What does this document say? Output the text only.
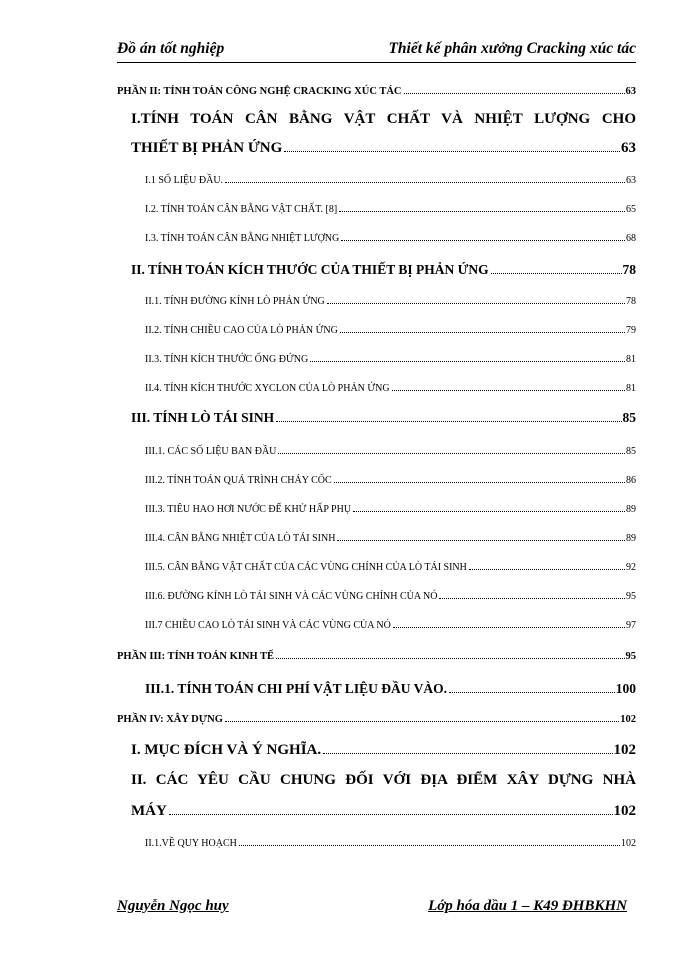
Đồ án tốt nghiệp	Thiết kế phân xưởng Cracking xúc tác
PHẦN II: TÍNH TOÁN CÔNG NGHỆ CRACKING XÚC TÁC	63
I.TÍNH TOÁN CÂN BẰNG VẬT CHẤT VÀ NHIỆT LƯỢNG CHO
THIẾT BỊ PHẢN ỨNG	63
I.1 SỐ LIỆU ĐẦU.	63
I.2. TÍNH TOÁN CÂN BẰNG VẬT CHẤT. [8]	65
I.3. TÍNH TOÁN CÂN BẰNG NHIỆT LƯỢNG	68
II. TÍNH TOÁN KÍCH THƯỚC CỦA THIẾT BỊ PHẢN ỨNG	78
II.1. TÍNH ĐƯỜNG KÍNH LÒ PHẢN ỨNG	78
II.2. TÍNH CHIỀU CAO CỦA LÒ PHẢN ỨNG	79
II.3. TÍNH KÍCH THƯỚC ỐNG ĐỨNG	81
II.4. TÍNH KÍCH THƯỚC XYCLON CỦA LÒ PHẢN ỨNG	81
III. TÍNH LÒ TÁI SINH	85
III.1. CÁC SỐ LIỆU BAN ĐẦU	85
III.2. TÍNH TOÁN QUÁ TRÌNH CHÁY CỐC	86
III.3. TIÊU HAO HƠI NƯỚC ĐỂ KHỬ HẤP PHỤ	89
III.4. CÂN BẰNG NHIỆT CỦA LÒ TÁI SINH	89
III.5. CÂN BẰNG VẬT CHẤT CỦA CÁC VÙNG CHÍNH CỦA LÒ TÁI SINH	92
III.6. ĐƯỜNG KÍNH LÒ TÁI SINH VÀ CÁC VÙNG CHÍNH CỦA NÓ	95
III.7 CHIỀU CAO LÒ TÁI SINH VÀ CÁC VÙNG CỦA NÓ	97
PHẦN III: TÍNH TOÁN KINH TẾ	95
III.1. TÍNH TOÁN CHI PHÍ VẬT LIỆU ĐẦU VÀO.	100
PHẦN IV: XÂY DỰNG	102
I. MỤC ĐÍCH VÀ Ý NGHĨA.	102
II. CÁC YÊU CẦU CHUNG ĐỐI VỚI ĐỊA ĐIỂM XÂY DỰNG NHÀ
MÁY	102
II.1.VỀ QUY HOẠCH	102
Nguyễn Ngọc huy	Lớp hóa dầu 1 – K49 ĐHBKHN
